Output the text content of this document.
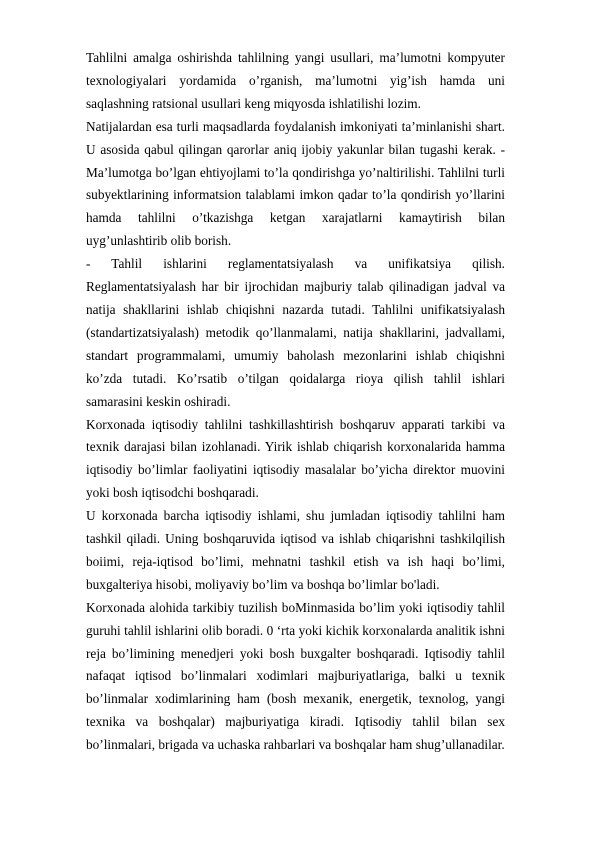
Tahlilni amalga oshirishda tahlilning yangi usullari, ma’lumotni kompyuter texnologiyalari yordamida o’rganish, ma’lumotni yig’ish hamda uni saqlashning ratsional usullari keng miqyosda ishlatilishi lozim.

Natijalardan esa turli maqsadlarda foydalanish imkoniyati ta’minlanishi shart. U asosida qabul qilingan qarorlar aniq ijobiy yakunlar bilan tugashi kerak. - Ma’lumotga bo’lgan ehtiyojlami to’la qondirishga yo’naltirilishi. Tahlilni turli subyektlarining informatsion talablami imkon qadar to’la qondirish yo’llarini hamda tahlilni o’tkazishga ketgan xarajatlarni kamaytirish bilan uyg’unlashtirib olib borish.

- Tahlil ishlarini reglamentatsiyalash va unifikatsiya qilish. Reglamentatsiyalash har bir ijrochidan majburiy talab qilinadigan jadval va natija shakllarini ishlab chiqishni nazarda tutadi. Tahlilni unifikatsiyalash (standartizatsiyalash) metodik qo’llanmalami, natija shakllarini, jadvallami, standart programmalami, umumiy baholash mezonlarini ishlab chiqishni ko’zda tutadi. Ko’rsatib o’tilgan qoidalarga rioya qilish tahlil ishlari samarasini keskin oshiradi.

Korxonada iqtisodiy tahlilni tashkillashtirish boshqaruv apparati tarkibi va texnik darajasi bilan izohlanadi. Yirik ishlab chiqarish korxonalarida hamma iqtisodiy bo’limlar faoliyatini iqtisodiy masalalar bo’yicha direktor muovini yoki bosh iqtisodchi boshqaradi.

U korxonada barcha iqtisodiy ishlami, shu jumladan iqtisodiy tahlilni ham tashkil qiladi. Uning boshqaruvida iqtisod va ishlab chiqarishni tashkilqilish boiimi, reja-iqtisod bo’limi, mehnatni tashkil etish va ish haqi bo’limi, buxgalteriya hisobi, moliyaviy bo’lim va boshqa bo’limlar bo'ladi.

Korxonada alohida tarkibiy tuzilish boMinmasida bo’lim yoki iqtisodiy tahlil guruhi tahlil ishlarini olib boradi. 0 ‘rta yoki kichik korxonalarda analitik ishni reja bo’limining menedjeri yoki bosh buxgalter boshqaradi. Iqtisodiy tahlil nafaqat iqtisod bo’linmalari xodimlari majburiyatlariga, balki u texnik bo’linmalar xodimlarining ham (bosh mexanik, energetik, texnolog, yangi texnika va boshqalar) majburiyatiga kiradi. Iqtisodiy tahlil bilan sex bo’linmalari, brigada va uchaska rahbarlari va boshqalar ham shug’ullanadilar.
